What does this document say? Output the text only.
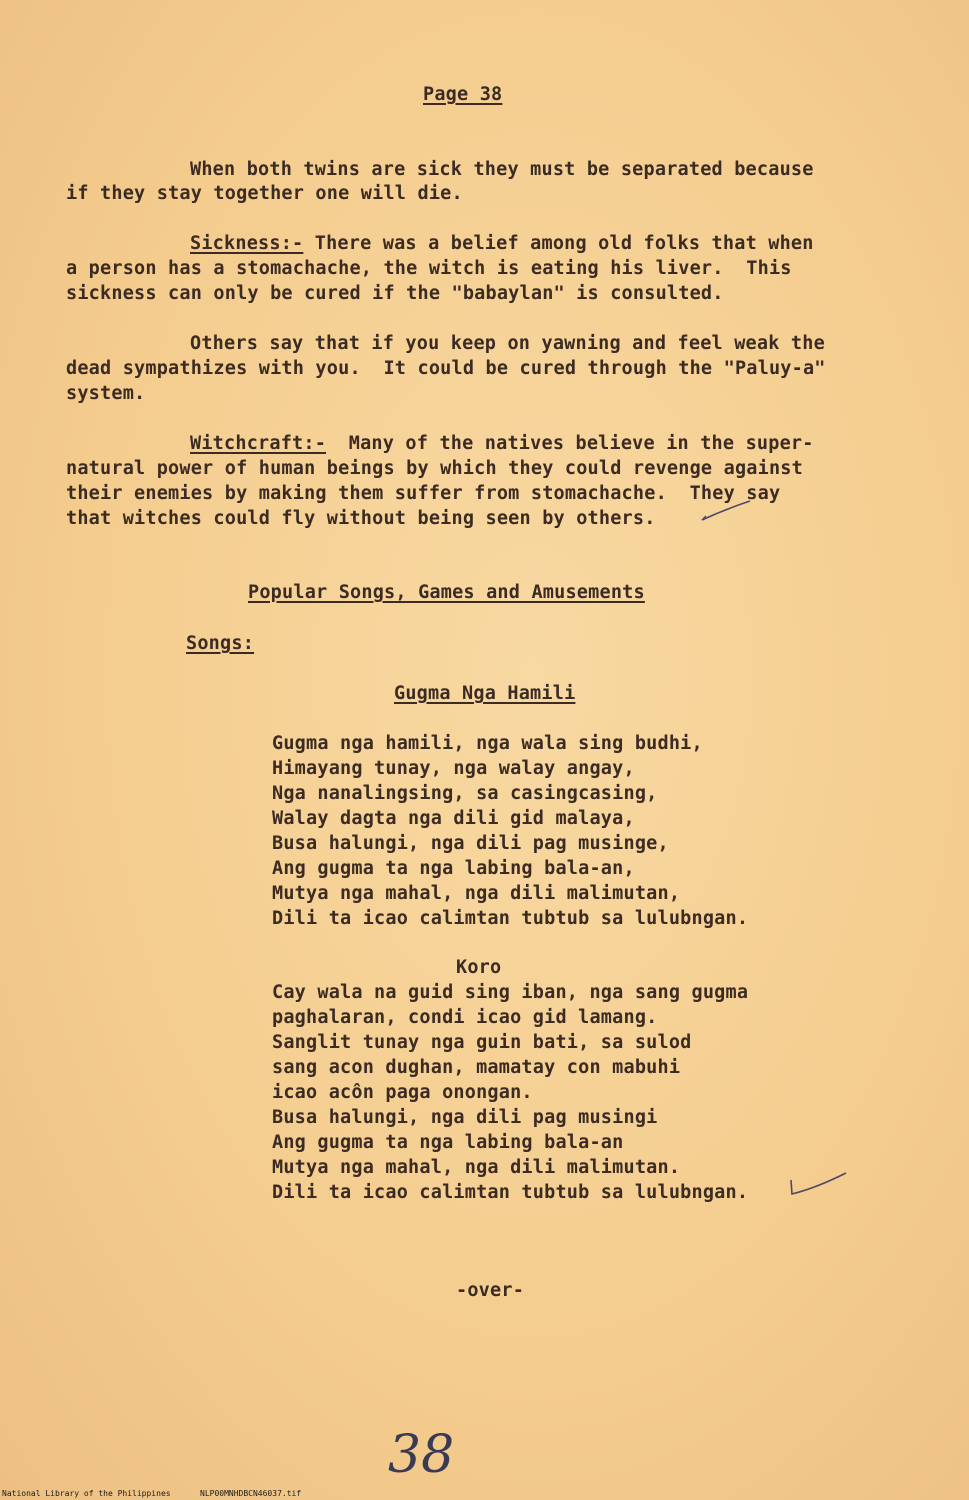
Page 38
When both twins are sick they must be separated because
if they stay together one will die.
Sickness:- There was a belief among old folks that when
a person has a stomachache, the witch is eating his liver.  This
sickness can only be cured if the "babaylan" is consulted.
Others say that if you keep on yawning and feel weak the
dead sympathizes with you.  It could be cured through the "Paluy-a"
system.
Witchcraft:-  Many of the natives believe in the super-
natural power of human beings by which they could revenge against
their enemies by making them suffer from stomachache.  They say
that witches could fly without being seen by others.
Popular Songs, Games and Amusements
Songs:
Gugma Nga Hamili
Gugma nga hamili, nga wala sing budhi,
Himayang tunay, nga walay angay,
Nga nanalingsing, sa casingcasing,
Walay dagta nga dili gid malaya,
Busa halungi, nga dili pag musinge,
Ang gugma ta nga labing bala-an,
Mutya nga mahal, nga dili malimutan,
Dili ta icao calimtan tubtub sa lulubngan.
Koro
Cay wala na guid sing iban, nga sang gugma
paghalaran, condi icao gid lamang.
Sanglit tunay nga guin bati, sa sulod
sang acon dughan, mamatay con mabuhi
icao acôn paga onongan.
Busa halungi, nga dili pag musingi
Ang gugma ta nga labing bala-an
Mutya nga mahal, nga dili malimutan.
Dili ta icao calimtan tubtub sa lulubngan.
-over-
38
National Library of the Philippines	NLP00MNHDBCN46037.tif
